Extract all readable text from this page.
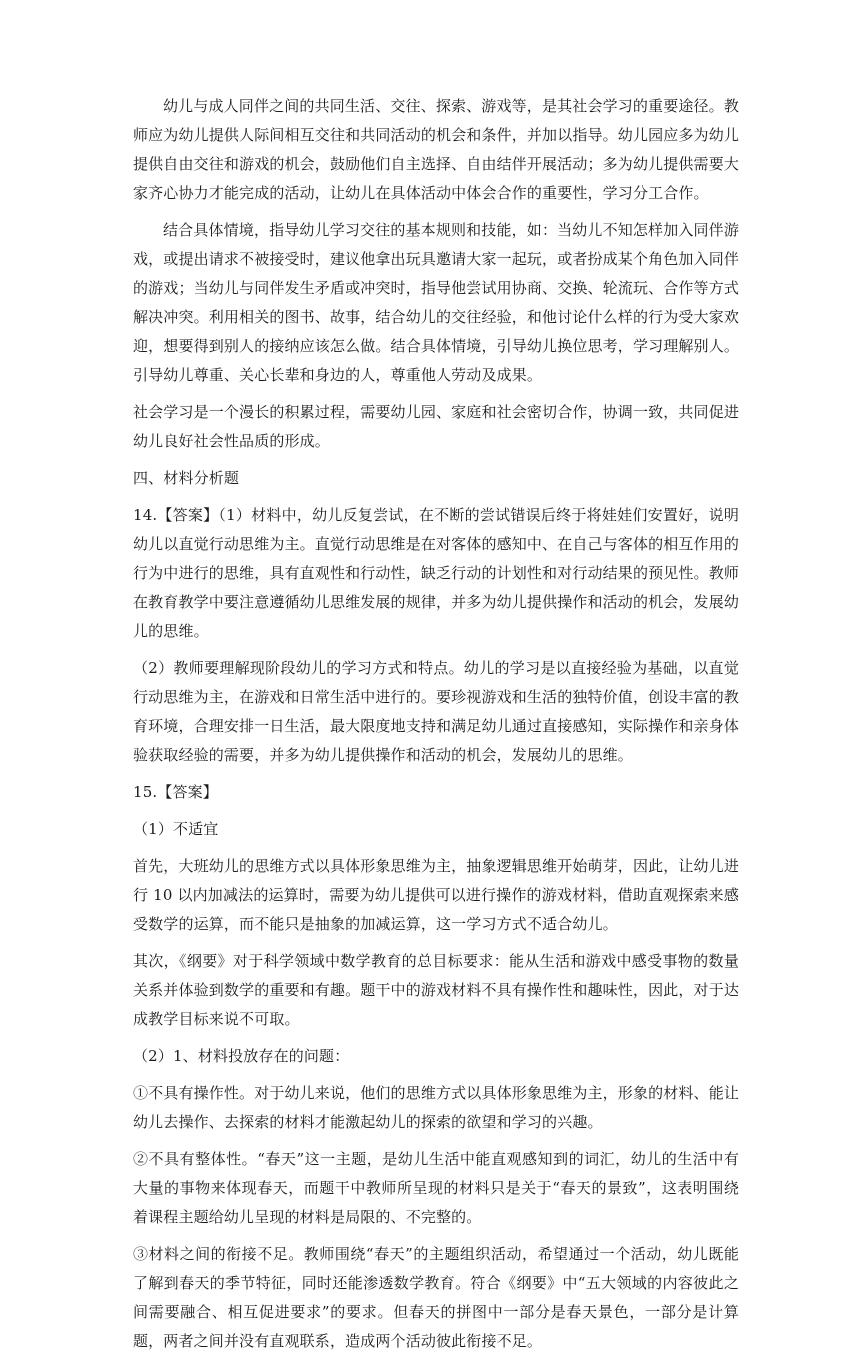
幼儿与成人同伴之间的共同生活、交往、探索、游戏等，是其社会学习的重要途径。教师应为幼儿提供人际间相互交往和共同活动的机会和条件，并加以指导。幼儿园应多为幼儿提供自由交往和游戏的机会，鼓励他们自主选择、自由结伴开展活动；多为幼儿提供需要大家齐心协力才能完成的活动，让幼儿在具体活动中体会合作的重要性，学习分工合作。

结合具体情境，指导幼儿学习交往的基本规则和技能，如：当幼儿不知怎样加入同伴游戏，或提出请求不被接受时，建议他拿出玩具邀请大家一起玩，或者扮成某个角色加入同伴的游戏；当幼儿与同伴发生矛盾或冲突时，指导他尝试用协商、交换、轮流玩、合作等方式解决冲突。利用相关的图书、故事，结合幼儿的交往经验，和他讨论什么样的行为受大家欢迎，想要得到别人的接纳应该怎么做。结合具体情境，引导幼儿换位思考，学习理解别人。引导幼儿尊重、关心长辈和身边的人，尊重他人劳动及成果。

社会学习是一个漫长的积累过程，需要幼儿园、家庭和社会密切合作，协调一致，共同促进幼儿良好社会性品质的形成。

四、材料分析题

14.【答案】（1）材料中，幼儿反复尝试，在不断的尝试错误后终于将娃娃们安置好，说明幼儿以直觉行动思维为主。直觉行动思维是在对客体的感知中、在自己与客体的相互作用的行为中进行的思维，具有直观性和行动性，缺乏行动的计划性和对行动结果的预见性。教师在教育教学中要注意遵循幼儿思维发展的规律，并多为幼儿提供操作和活动的机会，发展幼儿的思维。

（2）教师要理解现阶段幼儿的学习方式和特点。幼儿的学习是以直接经验为基础，以直觉行动思维为主，在游戏和日常生活中进行的。要珍视游戏和生活的独特价值，创设丰富的教育环境，合理安排一日生活，最大限度地支持和满足幼儿通过直接感知，实际操作和亲身体验获取经验的需要，并多为幼儿提供操作和活动的机会，发展幼儿的思维。

15.【答案】

（1）不适宜

首先，大班幼儿的思维方式以具体形象思维为主，抽象逻辑思维开始萌芽，因此，让幼儿进行 10 以内加减法的运算时，需要为幼儿提供可以进行操作的游戏材料，借助直观探索来感受数学的运算，而不能只是抽象的加减运算，这一学习方式不适合幼儿。

其次，《纲要》对于科学领域中数学教育的总目标要求：能从生活和游戏中感受事物的数量关系并体验到数学的重要和有趣。题干中的游戏材料不具有操作性和趣味性，因此，对于达成教学目标来说不可取。

（2）1、材料投放存在的问题：

①不具有操作性。对于幼儿来说，他们的思维方式以具体形象思维为主，形象的材料、能让幼儿去操作、去探索的材料才能激起幼儿的探索的欲望和学习的兴趣。

②不具有整体性。“春天”这一主题，是幼儿生活中能直观感知到的词汇，幼儿的生活中有大量的事物来体现春天，而题干中教师所呈现的材料只是关于“春天的景致”，这表明围绕着课程主题给幼儿呈现的材料是局限的、不完整的。

③材料之间的衔接不足。教师围绕“春天”的主题组织活动，希望通过一个活动，幼儿既能了解到春天的季节特征，同时还能渗透数学教育。符合《纲要》中“五大领域的内容彼此之间需要融合、相互促进要求”的要求。但春天的拼图中一部分是春天景色，一部分是计算题，两者之间并没有直观联系，造成两个活动彼此衔接不足。
